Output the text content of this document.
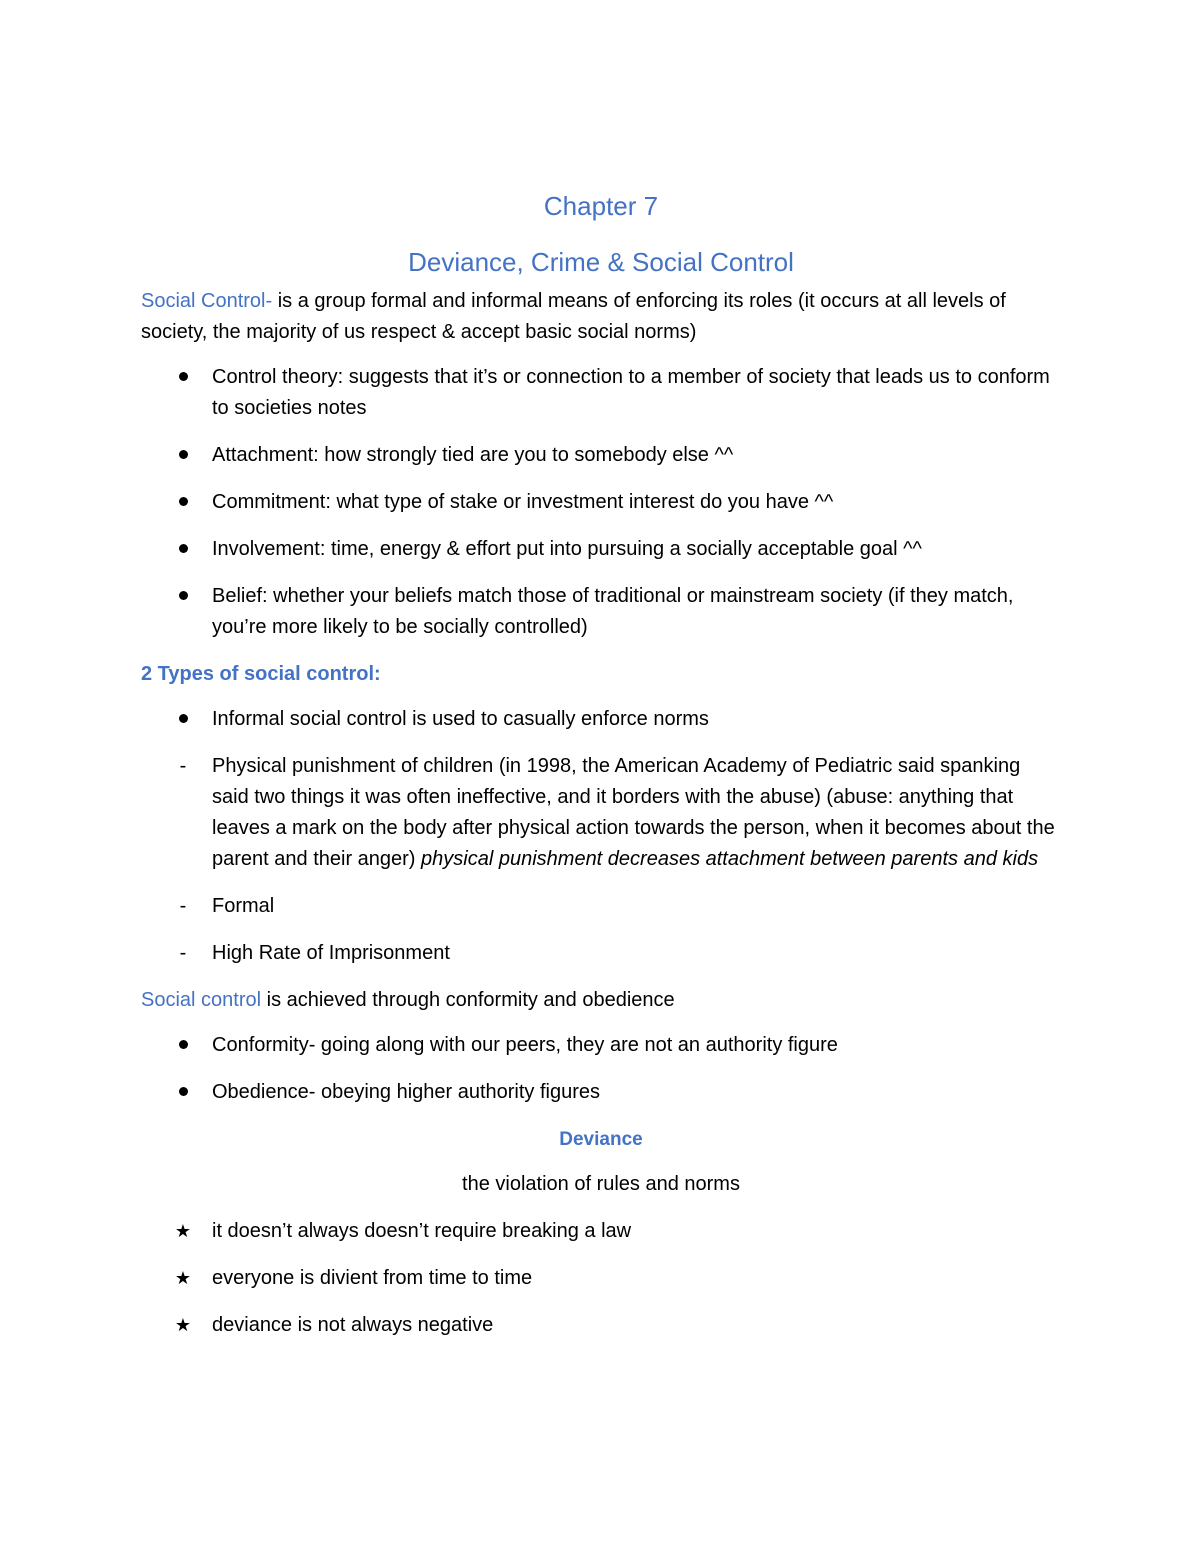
Chapter 7
Deviance, Crime & Social Control

Social Control- is a group formal and informal means of enforcing its roles (it occurs at all levels of society, the majority of us respect & accept basic social norms)

Control theory: suggests that it’s or connection to a member of society that leads us to conform to societies notes
Attachment: how strongly tied are you to somebody else ^^
Commitment: what type of stake or investment interest do you have ^^
Involvement: time, energy & effort put into pursuing a socially acceptable goal ^^
Belief: whether your beliefs match those of traditional or mainstream society (if they match, you’re more likely to be socially controlled)

2 Types of social control:

Informal social control is used to casually enforce norms
-	Physical punishment of children (in 1998, the American Academy of Pediatric said spanking said two things it was often ineffective, and it borders with the abuse) (abuse: anything that leaves a mark on the body after physical action towards the person, when it becomes about the parent and their anger) physical punishment decreases attachment between parents and kids
-	Formal
-	High Rate of Imprisonment

Social control is achieved through conformity and obedience

Conformity- going along with our peers, they are not an authority figure
Obedience- obeying higher authority figures

Deviance

the violation of rules and norms

★ it doesn’t always doesn’t require breaking a law
★ everyone is divient from time to time
★ deviance is not always negative
